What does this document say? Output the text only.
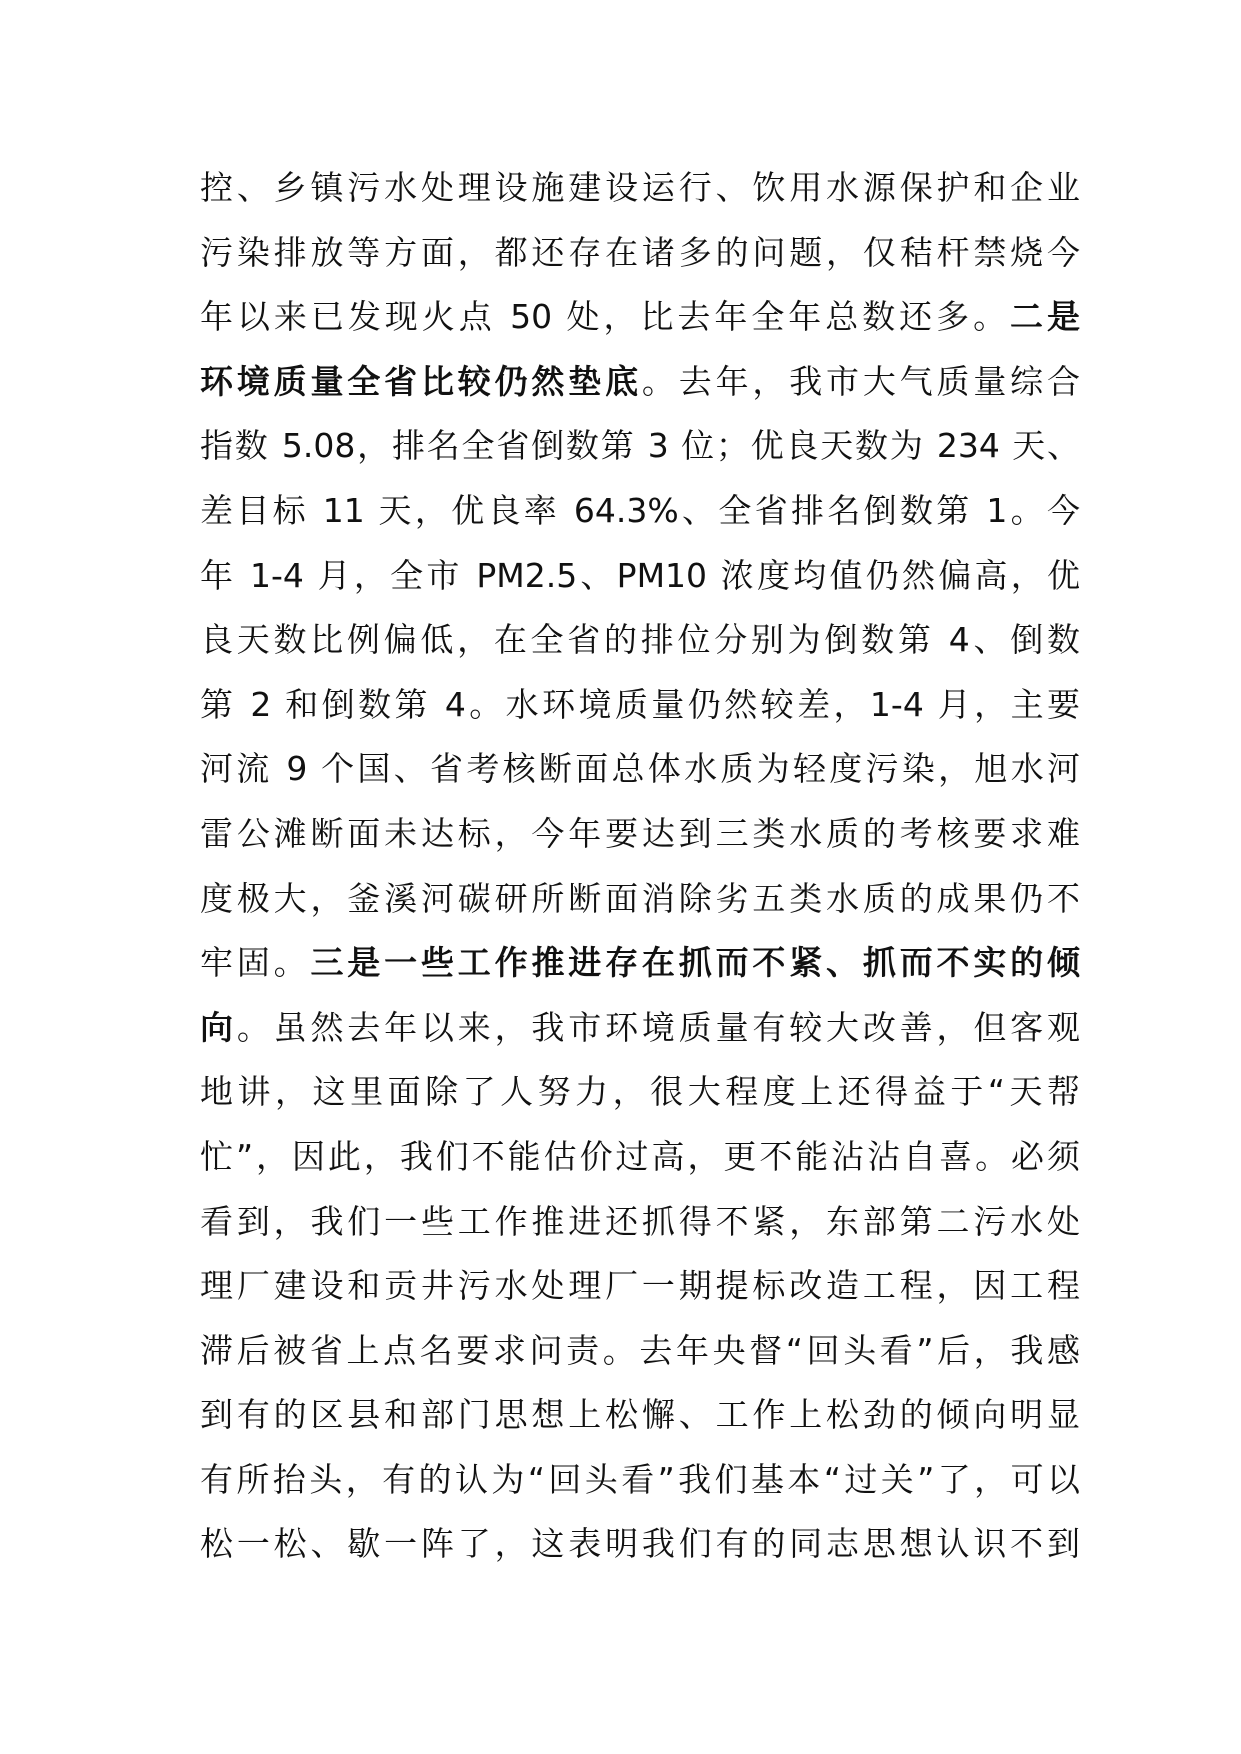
控、乡镇污水处理设施建设运行、饮用水源保护和企业
污染排放等方面，都还存在诸多的问题，仅秸杆禁烧今
年以来已发现火点 50 处，比去年全年总数还多。二是
环境质量全省比较仍然垫底。去年，我市大气质量综合
指数 5.08，排名全省倒数第 3 位；优良天数为 234 天、
差目标 11 天，优良率 64.3%、全省排名倒数第 1。今
年 1-4 月，全市 PM2.5、PM10 浓度均值仍然偏高，优
良天数比例偏低，在全省的排位分别为倒数第 4、倒数
第 2 和倒数第 4。水环境质量仍然较差，1-4 月，主要
河流 9 个国、省考核断面总体水质为轻度污染，旭水河
雷公滩断面未达标，今年要达到三类水质的考核要求难
度极大，釜溪河碳研所断面消除劣五类水质的成果仍不
牢固。三是一些工作推进存在抓而不紧、抓而不实的倾
向。虽然去年以来，我市环境质量有较大改善，但客观
地讲，这里面除了人努力，很大程度上还得益于“天帮
忙”，因此，我们不能估价过高，更不能沾沾自喜。必须
看到，我们一些工作推进还抓得不紧，东部第二污水处
理厂建设和贡井污水处理厂一期提标改造工程，因工程
滞后被省上点名要求问责。去年央督“回头看”后，我感
到有的区县和部门思想上松懈、工作上松劲的倾向明显
有所抬头，有的认为“回头看”我们基本“过关”了，可以
松一松、歇一阵了，这表明我们有的同志思想认识不到
